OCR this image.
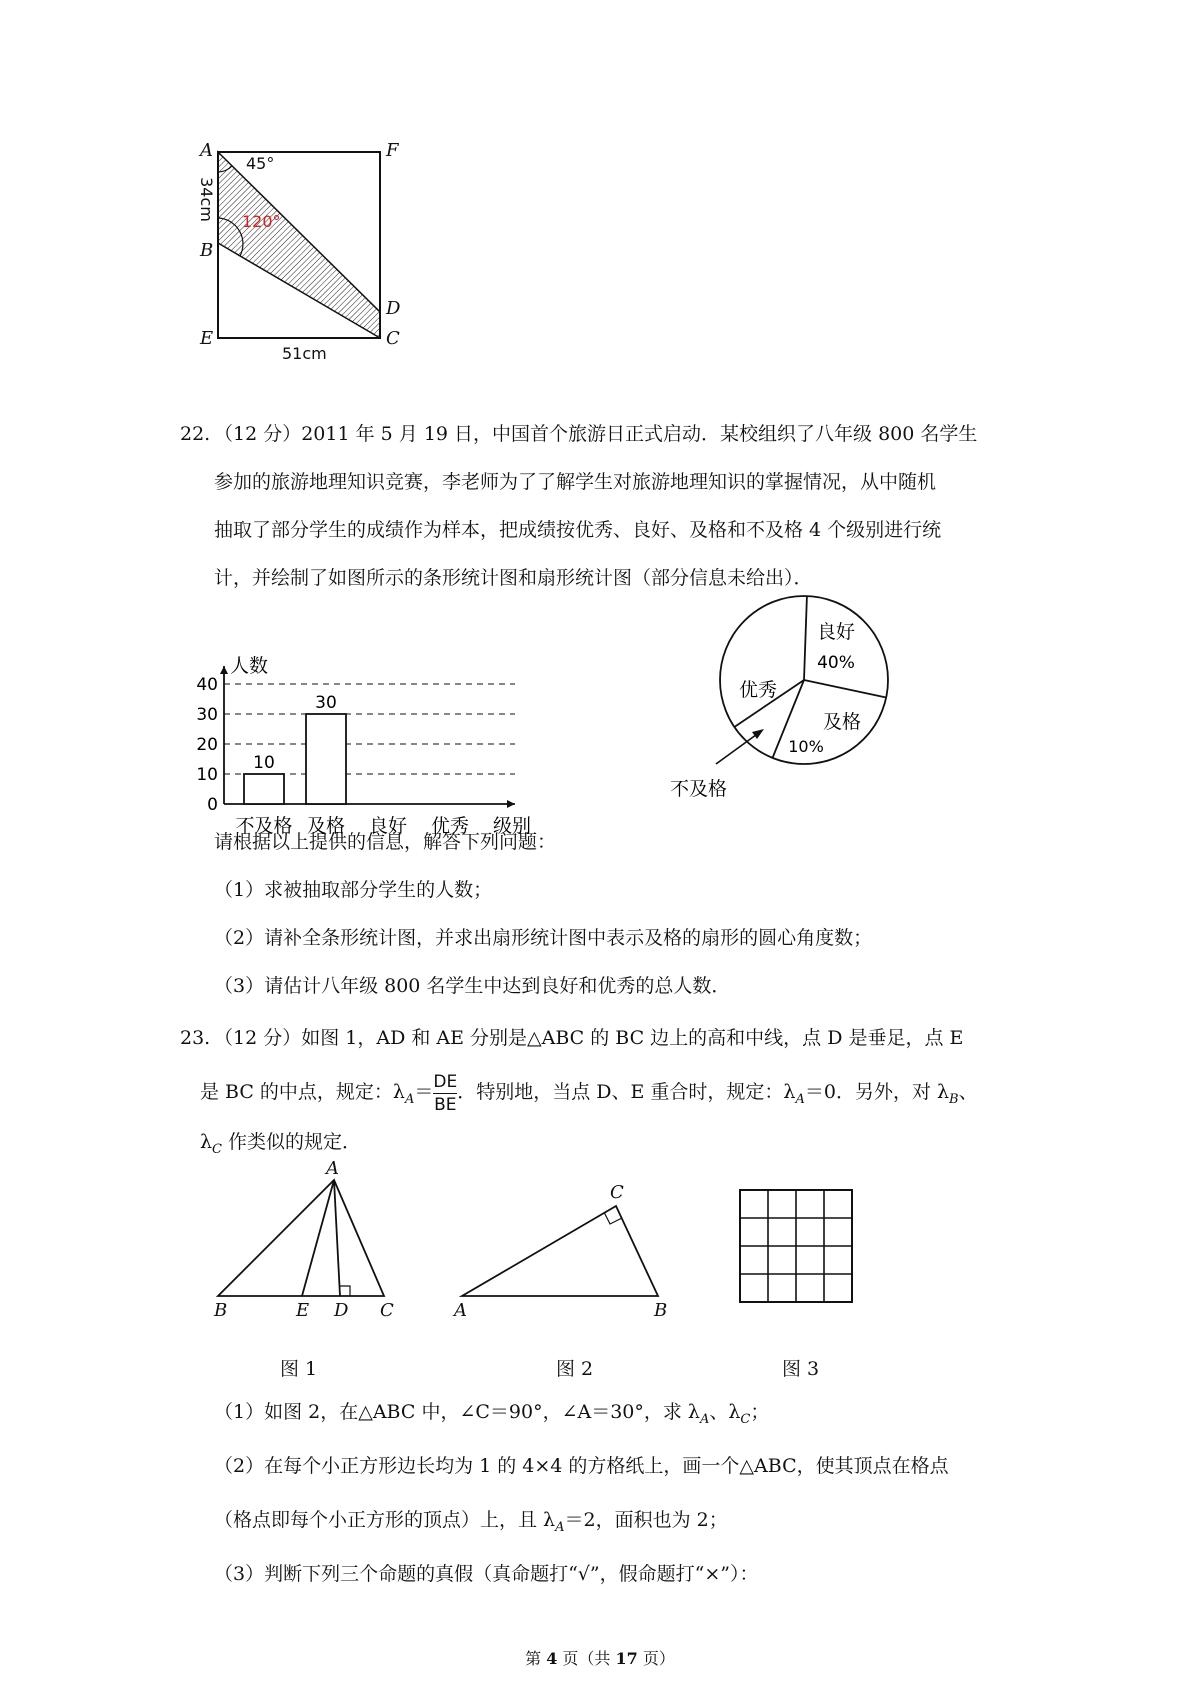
A	F
B
D
C
E
45°
120°
34cm
51cm
22. （12 分）2011 年 5 月 19 日，中国首个旅游日正式启动．某校组织了八年级 800 名学生
参加的旅游地理知识竞赛，李老师为了了解学生对旅游地理知识的掌握情况，从中随机
抽取了部分学生的成绩作为样本，把成绩按优秀、良好、及格和不及格 4 个级别进行统
计，并绘制了如图所示的条形统计图和扇形统计图（部分信息未给出）．
0
10
20
30
40
人数
10
不及格
30
及格 良好 优秀 级别
良好
40%
及格
10%
优秀
不及格
请根据以上提供的信息，解答下列问题：
（1）求被抽取部分学生的人数；
（2）请补全条形统计图，并求出扇形统计图中表示及格的扇形的圆心角度数；
（3）请估计八年级 800 名学生中达到良好和优秀的总人数．
23. （12 分）如图 1，AD 和 AE 分别是△ABC 的 BC 边上的高和中线，点 D 是垂足，点 E
是 BC 的中点，规定：$\lambda_A= \frac{DE}{BE}$ ．特别地，当点 D、E 重合时，规定：$\lambda_A=0$．另外，对 $\lambda_B$、
$\lambda_C$ 作类似的规定．
A
B	E D C
图 1
A	B
C
图 2	图 3
（1）如图 2，在△ABC 中，∠C＝90°，∠A＝30°，求 $\lambda_A$、$\lambda_C$；
（2）在每个小正方形边长均为 1 的 4×4 的方格纸上，画一个△ABC，使其顶点在格点
（格点即每个小正方形的顶点）上，且 $\lambda_A=2$，面积也为 2；
（3）判断下列三个命题的真假（真命题打“√”，假命题打“×”）：
第 4 页（共 17 页）
